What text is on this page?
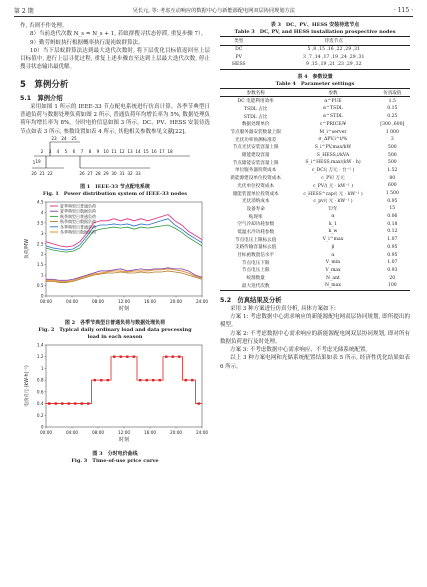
第 2 期	吴长元, 等: 考虑互动响应的数据中心与新能源配电网双层协同规划方法	· 115 ·

作, 否则不作处理。

8）当前迭代次数 N_s = N_s + 1, 若蚁群搜寻状态停滞, 重复步骤 7）。

9）勤劳蚂蚁执行根据概率执行混沌蚁群算法。

10）当下层蚁群算法达到最大迭代次数时, 将下层优化目标值返回至上层目标值中, 进行上层寻优过程, 重复上述步骤直至达到上层最大迭代次数, 停止搜寻状态输出最优解。

5　算例分析
5.1　算例介绍

采用如图 1 所示的 IEEE-33 节点配电系统进行仿真计算。各季节典型日普通负荷与数据处理负荷如图 2 所示, 普通负荷年均增长率为 5%, 数据处理负荷年均增长率为 8%。分时电价信息如图 3 所示。DC、PV、HESS 安装待选节点如表 3 所示, 参数设置如表 4 所示, 其他相关参数参见文献[22]。

1
2 3 4 5 6 7 8 9 10 11 12 13 14 15 16 17 18
23 24 25
19
20 21 22	26 27 28 29 30 31 32 33
图 1　IEEE-33 节点配电系统
Fig. 1　Power distribution system of IEEE-33 nodes
0
0.5
1
1.5
2
2.5
3
3.5
4
4.5
00:00	04:00	08:00	12:00	16:00	20:00	24:00
时刻
负荷/MW
夏季典型日普通负荷
夏季典型日数据负荷
秋季典型日普通负荷
秋季典型日数据负荷
冬季典型日普通负荷
冬季典型日数据负荷
图 2　各季节典型日普通负荷与数据处理负荷
Fig. 2　Typical daily ordinary load and data processing
load in each season
0
0.2
0.4
0.6
0.8
1
1.2
1.4
00:00	04:00	08:00	12:00	16:00	20:00	24:00
时刻
电价/(元·(kW·h)⁻¹)
图 3　分时电价曲线
Fig. 3　Time-of-use price curve
表 3　DC、PV、HESS 安装待选节点
Table 3　DC, PV, and HESS installation prospective nodes
类型	待选节点
DC	5 ,8 ,15 ,16 ,22 ,29 ,31
PV	3 ,7 ,14 ,17 ,19 ,24 ,29 ,31
HESS	9 ,15 ,19 ,21 ,23 ,29 ,32
表 4　参数设置
Table 4　Parameter settings
参数名称	参数	仿真取值
DC 电能利用效率	α^PUE	1.5
TSDL 占比	α^TSDL	0.15
STDL 占比	α^STDL	0.25
数据处理单价	c^PRICE/¥	[300 ,600]
节点服务器安装数量上限	M_i^server	1 000
光伏功率预测标准差	σ_ΔPV,i^t/%	3
节点光伏安装容量上限	S_i^PV,max/kW	500
储能建设容量	S_HESS,i/kVA	500
节点储能安装容量上限	S_i^HESS,max/(kW · h)	500
单位服务器投资成本	c_DC/( 万元 · 台⁻¹ )	1.52
新能源建设单位投资成本	c_PV/ 万元	80
光伏单位投资成本	c_PV/( 元 · kW⁻¹ )	600
储能装置单位投资成本	c_HESS^cap/( 元 · kW⁻¹ )	1 500
光伏消纳成本	c_pv/( 元 · kW⁻¹ )	0.95
设备寿命	T/年	15
贴现率	α	0.06
空气冷却功耗参数	k_1	0.18
低温水冷功耗参数	k_w	0.12
节点电压上限标幺值	V_i^max	1.07
支路传输容量标幺值	β	0.95
目标函数置信水平	α	0.95
节点电压下限	V_min	1.07
节点电压上限	V_max	0.93
蚁群数量	N_ant	20
最大迭代次数	N_max	100
5.2　仿真结果及分析

采用 3 种方案进行仿真分析, 具体方案如下:

方案 1: 考虑数据中心需求响应的新能源配电网双层协同规划, 即所提出的模型。

方案 2: 不考虑数据中心需求响应的新能源配电网双层协同规划, 即对所有数据负荷进行及时处理。

方案 3: 不考虑数据中心需求响应、不考虑光储系统配置。

以上 3 种方案电网和光储系统配置结果如表 5 所示, 经济性优化结果如表 6 所示。
